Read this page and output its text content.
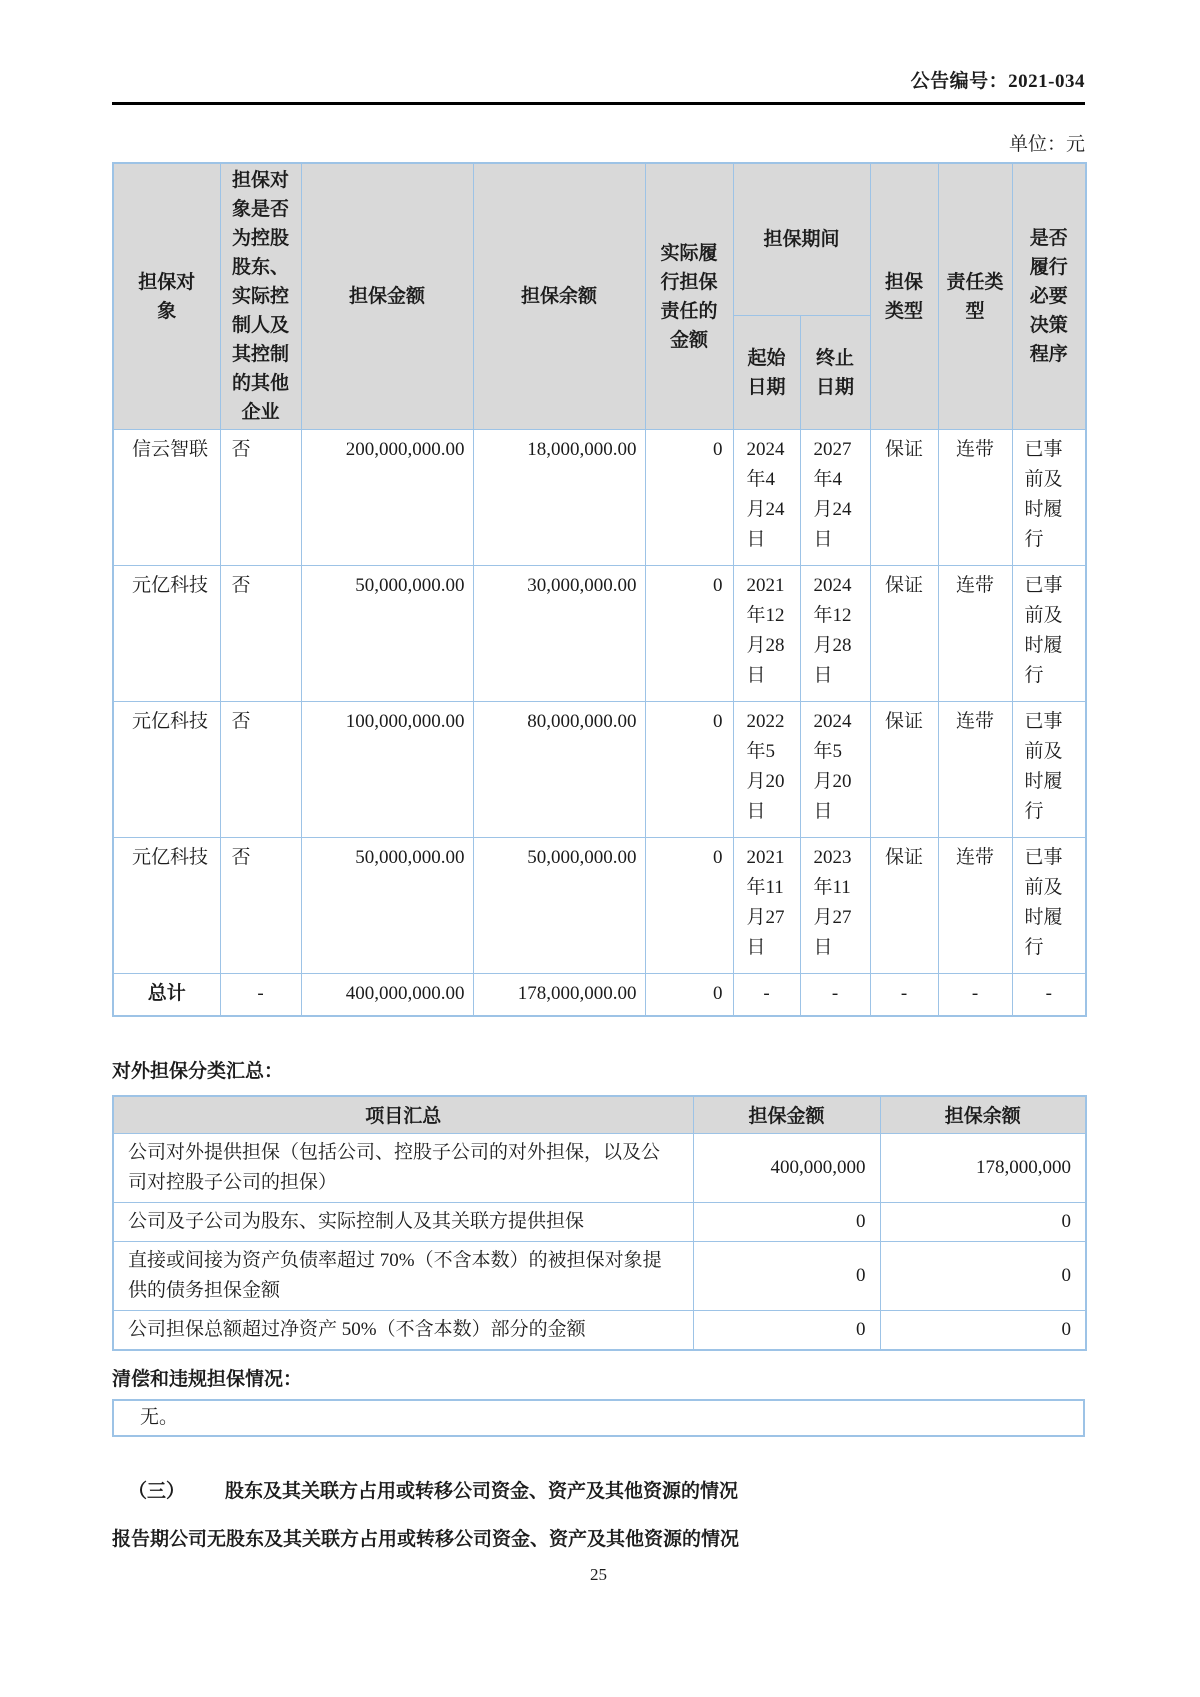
公告编号：2021-034
单位：元
担保对象	担保对象是否为控股股东、实际控制人及其控制的其他企业	担保金额	担保余额	实际履行担保责任的金额	担保期间		担保类型	责任类型	是否履行必要决策程序
					起始日期	终止日期			
信云智联	否	200,000,000.00	18,000,000.00	0	2024年4月24日	2027年4月24日	保证	连带	已事前及时履行
元亿科技	否	50,000,000.00	30,000,000.00	0	2021年12月28日	2024年12月28日	保证	连带	已事前及时履行
元亿科技	否	100,000,000.00	80,000,000.00	0	2022年5月20日	2024年5月20日	保证	连带	已事前及时履行
元亿科技	否	50,000,000.00	50,000,000.00	0	2021年11月27日	2023年11月27日	保证	连带	已事前及时履行
总计	-	400,000,000.00	178,000,000.00	0	-	-	-	-	-
对外担保分类汇总：
项目汇总	担保金额	担保余额
公司对外提供担保（包括公司、控股子公司的对外担保，以及公司对控股子公司的担保）	400,000,000	178,000,000
公司及子公司为股东、实际控制人及其关联方提供担保	0	0
直接或间接为资产负债率超过 70%（不含本数）的被担保对象提供的债务担保金额	0	0
公司担保总额超过净资产 50%（不含本数）部分的金额	0	0
清偿和违规担保情况：
无。
（三） 股东及其关联方占用或转移公司资金、资产及其他资源的情况
报告期公司无股东及其关联方占用或转移公司资金、资产及其他资源的情况
25
